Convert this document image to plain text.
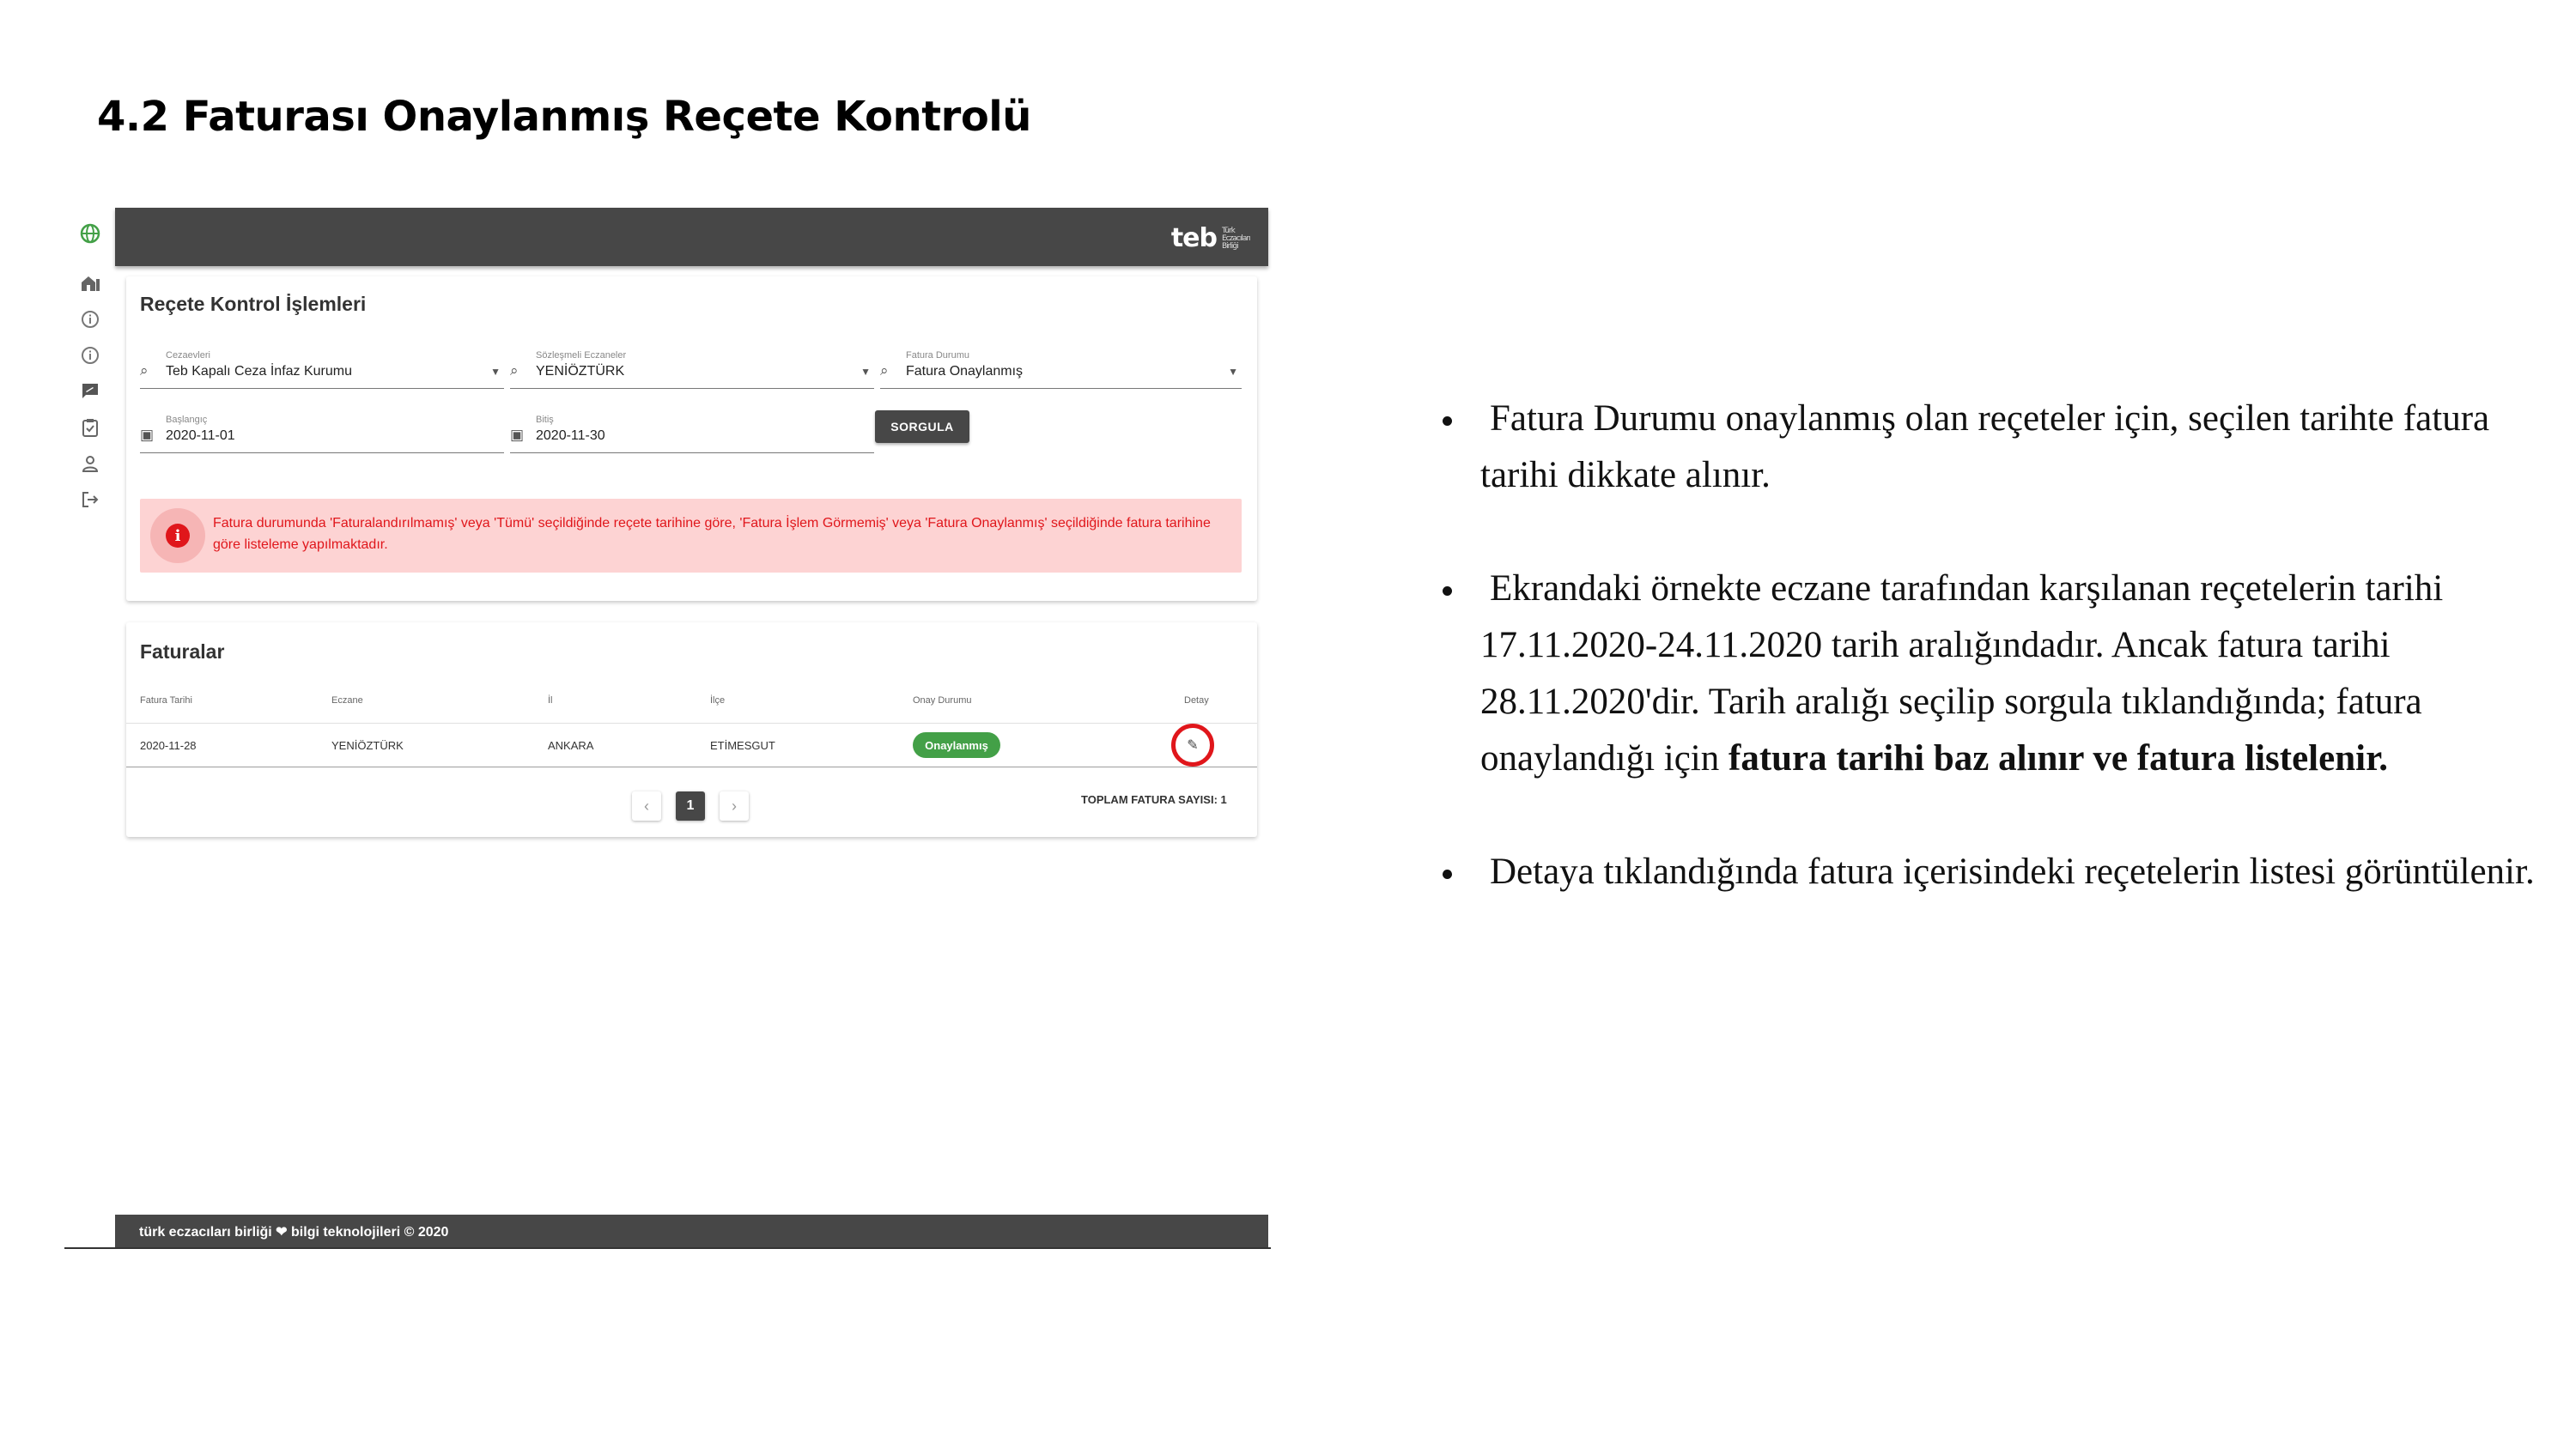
4.2 Faturası Onaylanmış Reçete Kontrolü
teb Türk Eczacıları Birliği
Reçete Kontrol İşlemleri
⌕
Cezaevleri
Teb Kapalı Ceza İnfaz Kurumu	▼ ⌕
Sözleşmeli Eczaneler
YENİÖZTÜRK	▼ ⌕
Fatura Durumu
Fatura Onaylanmış	▼
▣
Başlangıç
2020-11-01	▣
Bitiş
2020-11-30
SORGULA
i
Fatura durumunda 'Faturalandırılmamış' veya 'Tümü' seçildiğinde reçete tarihine göre, 'Fatura İşlem Görmemiş' veya 'Fatura Onaylanmış' seçildiğinde fatura tarihine göre listeleme yapılmaktadır.
Faturalar
Fatura Tarihi	Eczane	İl	İlçe	Onay Durumu	Detay
2020-11-28	YENİÖZTÜRK	ANKARA	ETİMESGUT	Onaylanmış	✎
‹	1	›	TOPLAM FATURA SAYISI: 1
türk eczacıları birliği ❤ bilgi teknolojileri © 2020
Fatura Durumu onaylanmış olan reçeteler için, seçilen tarihte fatura tarihi dikkate alınır.
Ekrandaki örnekte eczane tarafından karşılanan reçetelerin tarihi 17.11.2020-24.11.2020 tarih aralığındadır. Ancak fatura tarihi 28.11.2020'dir. Tarih aralığı seçilip sorgula tıklandığında; fatura onaylandığı için fatura tarihi baz alınır ve fatura listelenir.
Detaya tıklandığında fatura içerisindeki reçetelerin listesi görüntülenir.
